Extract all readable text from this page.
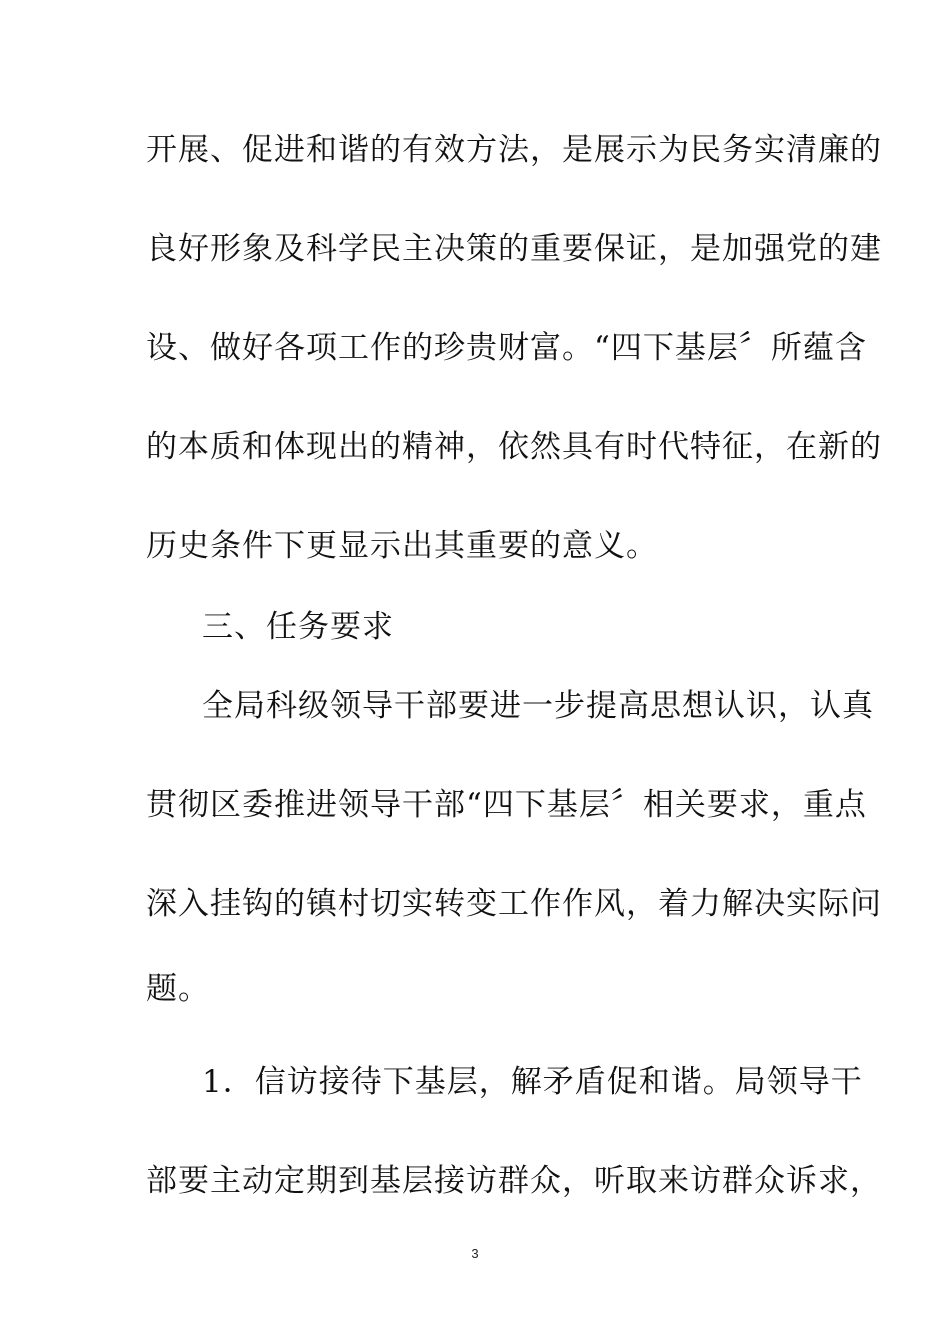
开展、促进和谐的有效方法，是展示为民务实清廉的
良好形象及科学民主决策的重要保证，是加强党的建
设、做好各项工作的珍贵财富。“四下基层〞所蕴含
的本质和体现出的精神，依然具有时代特征，在新的
历史条件下更显示出其重要的意义。
三、任务要求
全局科级领导干部要进一步提高思想认识，认真
贯彻区委推进领导干部“四下基层〞相关要求，重点
深入挂钩的镇村切实转变工作作风，着力解决实际问
题。
1．信访接待下基层，解矛盾促和谐。局领导干
部要主动定期到基层接访群众，听取来访群众诉求，
3
